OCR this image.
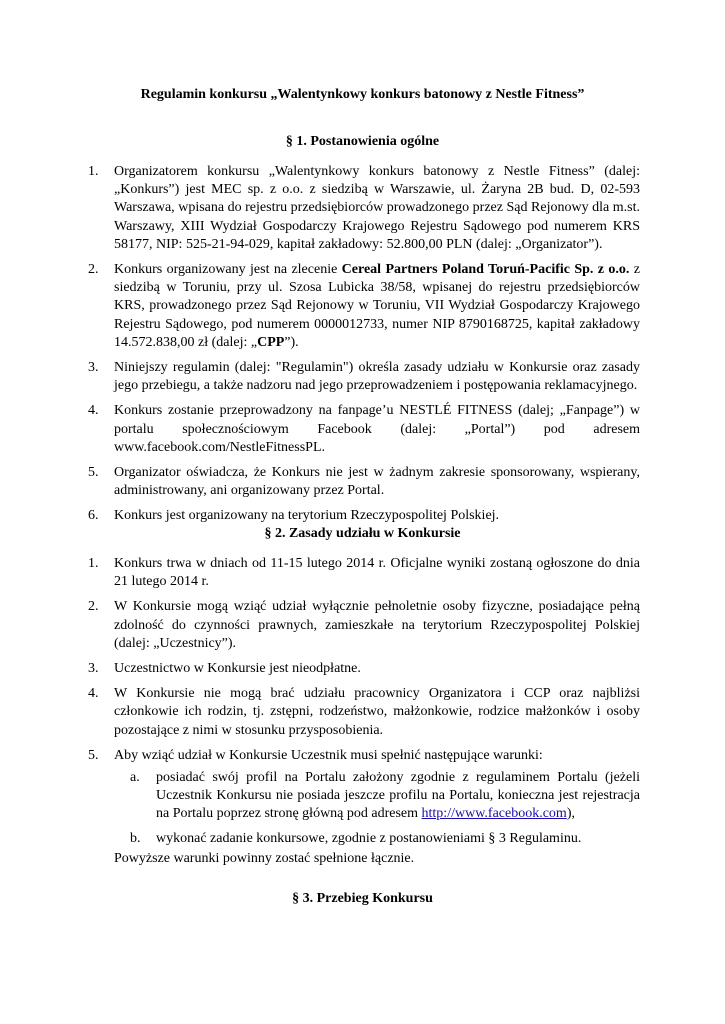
Regulamin konkursu „Walentynkowy konkurs batonowy z Nestle Fitness”
§ 1. Postanowienia ogólne
1. Organizatorem konkursu „Walentynkowy konkurs batonowy z Nestle Fitness” (dalej: „Konkurs”) jest MEC sp. z o.o. z siedzibą w Warszawie, ul. Żaryna 2B bud. D, 02-593 Warszawa, wpisana do rejestru przedsiębiorców prowadzonego przez Sąd Rejonowy dla m.st. Warszawy, XIII Wydział Gospodarczy Krajowego Rejestru Sądowego pod numerem KRS 58177, NIP: 525-21-94-029, kapitał zakładowy: 52.800,00 PLN (dalej: „Organizator”).
2. Konkurs organizowany jest na zlecenie Cereal Partners Poland Toruń-Pacific Sp. z o.o. z siedzibą w Toruniu, przy ul. Szosa Lubicka 38/58, wpisanej do rejestru przedsiębiorców KRS, prowadzonego przez Sąd Rejonowy w Toruniu, VII Wydział Gospodarczy Krajowego Rejestru Sądowego, pod numerem 0000012733, numer NIP 8790168725, kapitał zakładowy 14.572.838,00 zł (dalej: „CPP”).
3. Niniejszy regulamin (dalej: "Regulamin") określa zasady udziału w Konkursie oraz zasady jego przebiegu, a także nadzoru nad jego przeprowadzeniem i postępowania reklamacyjnego.
4. Konkurs zostanie przeprowadzony na fanpage’u NESTLÉ FITNESS (dalej; „Fanpage”) w portalu społecznościowym Facebook (dalej: „Portal”) pod adresem www.facebook.com/NestleFitnessPL.
5. Organizator oświadcza, że Konkurs nie jest w żadnym zakresie sponsorowany, wspierany, administrowany, ani organizowany przez Portal.
6. Konkurs jest organizowany na terytorium Rzeczypospolitej Polskiej.
§ 2. Zasady udziału w Konkursie
1. Konkurs trwa w dniach od 11-15 lutego 2014 r. Oficjalne wyniki zostaną ogłoszone do dnia 21 lutego 2014 r.
2. W Konkursie mogą wziąć udział wyłącznie pełnoletnie osoby fizyczne, posiadające pełną zdolność do czynności prawnych, zamieszkałe na terytorium Rzeczypospolitej Polskiej (dalej: „Uczestnicy”).
3. Uczestnictwo w Konkursie jest nieodpłatne.
4. W Konkursie nie mogą brać udziału pracownicy Organizatora i CCP oraz najbliżsi członkowie ich rodzin, tj. zstępni, rodzeństwo, małżonkowie, rodzice małżonków i osoby pozostające z nimi w stosunku przysposobienia.
5. Aby wziąć udział w Konkursie Uczestnik musi spełnić następujące warunki:
a. posiadać swój profil na Portalu założony zgodnie z regulaminem Portalu (jeżeli Uczestnik Konkursu nie posiada jeszcze profilu na Portalu, konieczna jest rejestracja na Portalu poprzez stronę główną pod adresem http://www.facebook.com),
b. wykonać zadanie konkursowe, zgodnie z postanowieniami § 3 Regulaminu.
Powyższe warunki powinny zostać spełnione łącznie.
§ 3. Przebieg Konkursu
